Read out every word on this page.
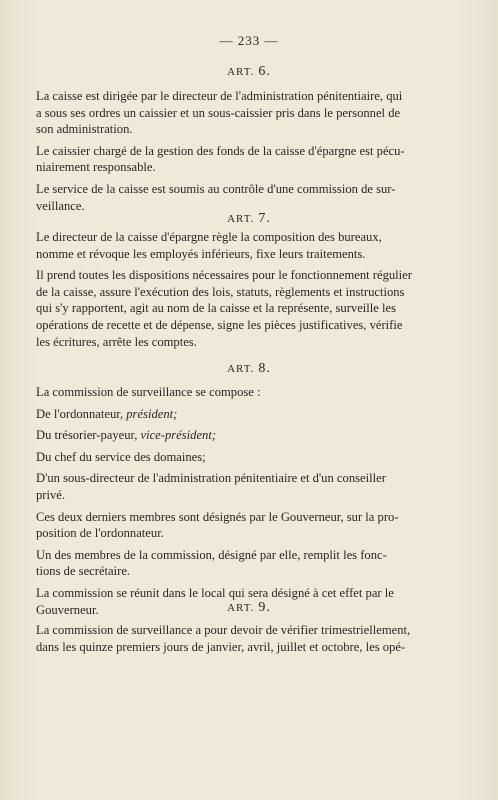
— 233 —
ART. 6.
La caisse est dirigée par le directeur de l'administration pénitentiaire, qui
a sous ses ordres un caissier et un sous-caissier pris dans le personnel de
son administration.
Le caissier chargé de la gestion des fonds de la caisse d'épargne est pécu-
niairement responsable.
Le service de la caisse est soumis au contrôle d'une commission de sur-
veillance.
ART. 7.
Le directeur de la caisse d'épargne règle la composition des bureaux,
nomme et révoque les employés inférieurs, fixe leurs traitements.
Il prend toutes les dispositions nécessaires pour le fonctionnement régulier
de la caisse, assure l'exécution des lois, statuts, règlements et instructions
qui s'y rapportent, agit au nom de la caisse et la représente, surveille les
opérations de recette et de dépense, signe les pièces justificatives, vérifie
les écritures, arrête les comptes.
ART. 8.
La commission de surveillance se compose :
De l'ordonnateur, président;
Du trésorier-payeur, vice-président;
Du chef du service des domaines;
D'un sous-directeur de l'administration pénitentiaire et d'un conseiller
privé.
Ces deux derniers membres sont désignés par le Gouverneur, sur la pro-
position de l'ordonnateur.
Un des membres de la commission, désigné par elle, remplit les fonc-
tions de secrétaire.
La commission se réunit dans le local qui sera désigné à cet effet par le
Gouverneur.	ART. 9.
La commission de surveillance a pour devoir de vérifier trimestriellement,
dans les quinze premiers jours de janvier, avril, juillet et octobre, les opé-
